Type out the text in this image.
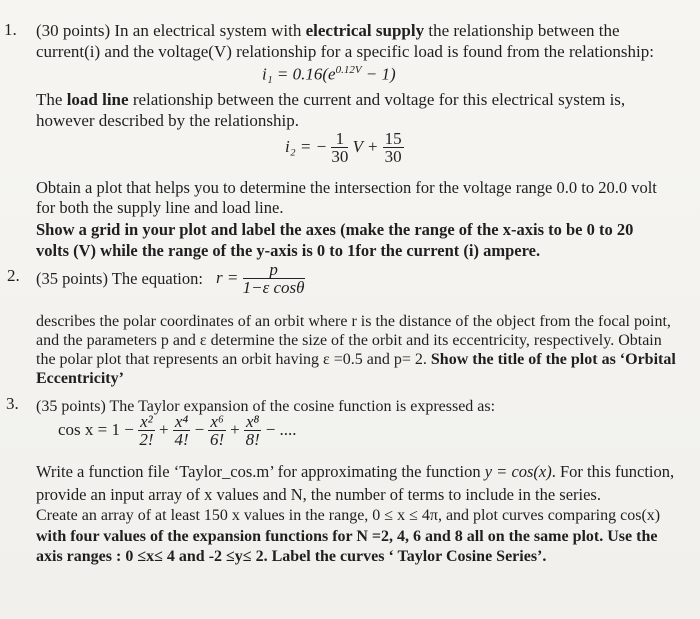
1. (30 points) In an electrical system with electrical supply the relationship between the
current(i) and the voltage(V) relationship for a specific load is found from the relationship:
$i_1 = 0.16(e^{0.12V} - 1)$
The load line relationship between the current and voltage for this electrical system is,
however described by the relationship.
i₂ = − $\frac{1}{30}$ $V + \frac{15}{30}$
Obtain a plot that helps you to determine the intersection for the voltage range 0.0 to 20.0 volt
for both the supply line and load line.
Show a grid in your plot and label the axes (make the range of the x-axis to be 0 to 20
volts (V) while the range of the y-axis is 0 to 1for the current (i) ampere.
2. (35 points) The equation: $r = \frac{p}{\text{1−ε cosθ}}$
describes the polar coordinates of an orbit where r is the distance of the object from the focal point,
and the parameters p and ε determine the size of the orbit and its eccentricity, respectively. Obtain
the polar plot that represents an orbit having ε =0.5 and p= 2. Show the title of the plot as ‘Orbital
Eccentricity’
3. (35 points) The Taylor expansion of the cosine function is expressed as:
$\cos x = 1 - \frac{\text{x²}}{2!} + \frac{\text{x⁴}}{4!} - \frac{\text{x⁶}}{6!} + \frac{\text{x⁸}}{8!}$ − ....
Write a function file ‘Taylor_cos.m’ for approximating the function y = cos(x). For this function,
provide an input array of x values and N, the number of terms to include in the series.
Create an array of at least 150 x values in the range, 0 ≤ x ≤ 4π, and plot curves comparing cos(x)
with four values of the expansion functions for N =2, 4, 6 and 8 all on the same plot. Use the
axis ranges : 0 ≤x≤ 4 and -2 ≤y≤ 2. Label the curves ‘ Taylor Cosine Series’.
